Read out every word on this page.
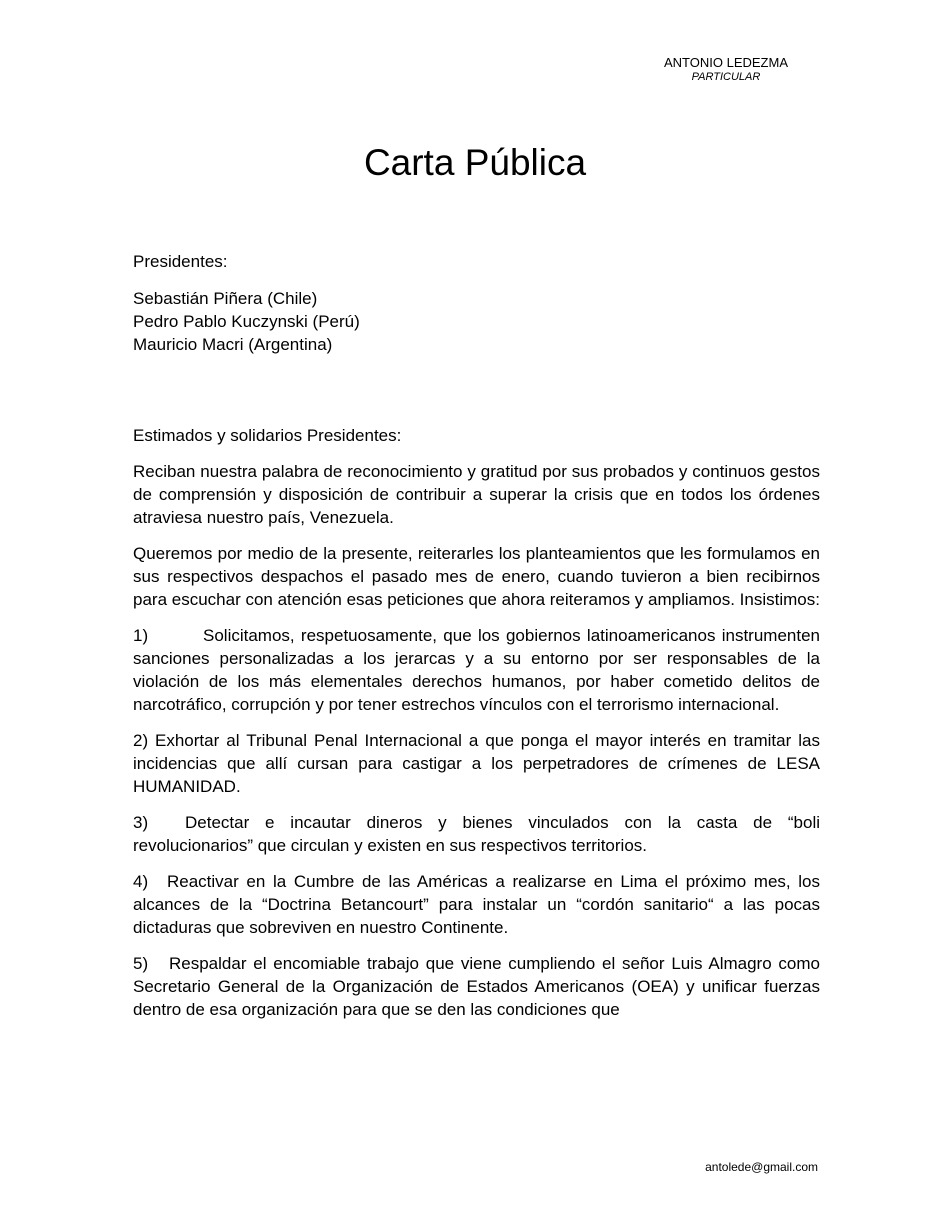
ANTONIO LEDEZMA
PARTICULAR
Carta Pública

Presidentes:

Sebastián Piñera (Chile)
Pedro Pablo Kuczynski (Perú)
Mauricio Macri (Argentina)

Estimados y solidarios Presidentes:

Reciban nuestra palabra de reconocimiento y gratitud por sus probados y continuos gestos de comprensión y disposición de contribuir a superar la crisis que en todos los órdenes atraviesa nuestro país, Venezuela.

Queremos por medio de la presente, reiterarles los planteamientos que les formulamos en sus respectivos despachos el pasado mes de enero, cuando tuvieron a bien recibirnos para escuchar con atención esas peticiones que ahora reiteramos y ampliamos. Insistimos:

1)	Solicitamos, respetuosamente, que los gobiernos latinoamericanos instrumenten sanciones personalizadas a los jerarcas y a su entorno por ser responsables de la violación de los más elementales derechos humanos, por haber cometido delitos de narcotráfico, corrupción y por tener estrechos vínculos con el terrorismo internacional.

2) Exhortar al Tribunal Penal Internacional a que ponga el mayor interés en tramitar las incidencias que allí cursan para castigar a los perpetradores de crímenes de LESA HUMANIDAD.

3) Detectar e incautar dineros y bienes vinculados con la casta de “boli revolucionarios” que circulan y existen en sus respectivos territorios.

4) Reactivar en la Cumbre de las Américas a realizarse en Lima el próximo mes, los alcances de la “Doctrina Betancourt” para instalar un “cordón sanitario“ a las pocas dictaduras que sobreviven en nuestro Continente.

5) Respaldar el encomiable trabajo que viene cumpliendo el señor Luis Almagro como Secretario General de la Organización de Estados Americanos (OEA) y unificar fuerzas dentro de esa organización para que se den las condiciones que

antolede@gmail.com
